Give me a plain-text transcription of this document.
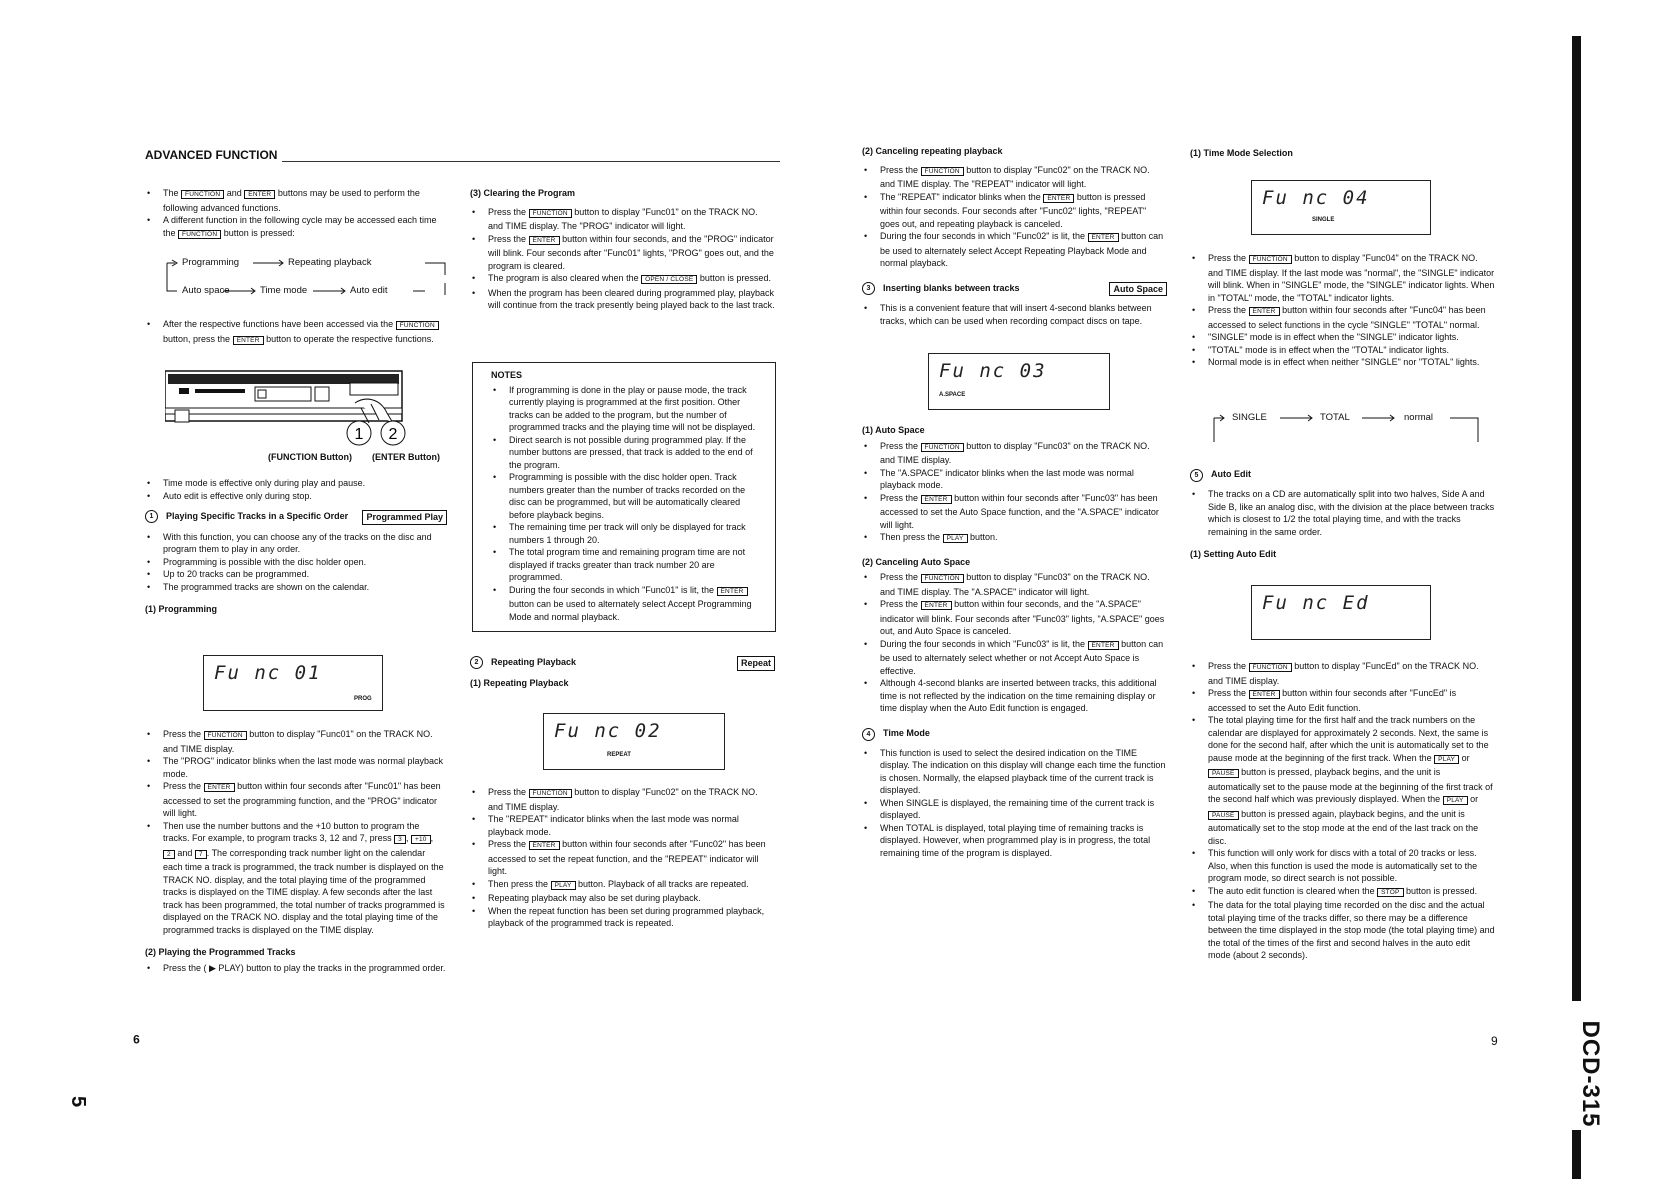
ADVANCED FUNCTION

• The FUNCTION and ENTER buttons may be used to perform the following advanced functions.

• A different function in the following cycle may be accessed each time the FUNCTION button is pressed:

Programming	Repeating playback
Auto space	Time mode	Auto edit

• After the respective functions have been accessed via the FUNCTION button, press the ENTER button to operate the respective functions.

1 2
(FUNCTION Button) (ENTER Button)

• Time mode is effective only during play and pause.

• Auto edit is effective only during stop.

1	Playing Specific Tracks in a Specific Order	Programmed Play

• With this function, you can choose any of the tracks on the disc and program them to play in any order.

• Programming is possible with the disc holder open.

• Up to 20 tracks can be programmed.

• The programmed tracks are shown on the calendar.

(1) Programming
Fu nc 01
PROG

• Press the FUNCTION button to display "Func01" on the TRACK NO. and TIME display.

• The "PROG" indicator blinks when the last mode was normal playback mode.

• Press the ENTER button within four seconds after "Func01" has been accessed to set the programming function, and the "PROG" indicator will light.

• Then use the number buttons and the +10 button to program the tracks. For example, to program tracks 3, 12 and 7, press 3 , +10 , 2 and 7 . The corresponding track number light on the calendar each time a track is programmed, the track number is displayed on the TRACK NO. display, and the total playing time of the programmed tracks is displayed on the TIME display. A few seconds after the last track has been programmed, the total number of tracks programmed is displayed on the TRACK NO. display and the total playing time of the programmed tracks is displayed on the TIME display.

(2) Playing the Programmed Tracks

• Press the ( ▶ PLAY) button to play the tracks in the programmed order.

(3) Clearing the Program

• Press the FUNCTION button to display "Func01" on the TRACK NO. and TIME display. The "PROG" indicator will light.

• Press the ENTER button within four seconds, and the "PROG" indicator will blink. Four seconds after "Func01" lights, "PROG" goes out, and the program is cleared.

• The program is also cleared when the OPEN / CLOSE button is pressed.

• When the program has been cleared during programmed play, playback will continue from the track presently being played back to the last track.

NOTES

• If programming is done in the play or pause mode, the track currently playing is programmed at the first position. Other tracks can be added to the program, but the number of programmed tracks and the playing time will not be displayed.

• Direct search is not possible during programmed play. If the number buttons are pressed, that track is added to the end of the program.

• Programming is possible with the disc holder open. Track numbers greater than the number of tracks recorded on the disc can be programmed, but will be automatically cleared before playback begins.

• The remaining time per track will only be displayed for track numbers 1 through 20.

• The total program time and remaining program time are not displayed if tracks greater than track number 20 are programmed.

• During the four seconds in which "Func01" is lit, the ENTER button can be used to alternately select Accept Programming Mode and normal playback.

2	Repeating Playback	Repeat
(1) Repeating Playback
Fu nc 02
REPEAT

• Press the FUNCTION button to display "Func02" on the TRACK NO. and TIME display.

• The "REPEAT" indicator blinks when the last mode was normal playback mode.

• Press the ENTER button within four seconds after "Func02" has been accessed to set the repeat function, and the "REPEAT" indicator will light.

• Then press the PLAY button. Playback of all tracks are repeated.

• Repeating playback may also be set during playback.

• When the repeat function has been set during programmed playback, playback of the programmed track is repeated.

(2) Canceling repeating playback

• Press the FUNCTION button to display "Func02" on the TRACK NO. and TIME display. The "REPEAT" indicator will light.

• The "REPEAT" indicator blinks when the ENTER button is pressed within four seconds. Four seconds after "Func02" lights, "REPEAT" goes out, and repeating playback is canceled.

• During the four seconds in which "Func02" is lit, the ENTER button can be used to alternately select Accept Repeating Playback Mode and normal playback.

3	Inserting blanks between tracks	Auto Space

• This is a convenient feature that will insert 4-second blanks between tracks, which can be used when recording compact discs on tape.

Fu nc 03
A.SPACE
(1) Auto Space

• Press the FUNCTION button to display "Func03" on the TRACK NO. and TIME display.

• The "A.SPACE" indicator blinks when the last mode was normal playback mode.

• Press the ENTER button within four seconds after "Func03" has been accessed to set the Auto Space function, and the "A.SPACE" indicator will light.

• Then press the PLAY button.

(2) Canceling Auto Space

• Press the FUNCTION button to display "Func03" on the TRACK NO. and TIME display. The "A.SPACE" indicator will light.

• Press the ENTER button within four seconds, and the "A.SPACE" indicator will blink. Four seconds after "Func03" lights, "A.SPACE" goes out, and Auto Space is canceled.

• During the four seconds in which "Func03" is lit, the ENTER button can be used to alternately select whether or not Accept Auto Space is effective.

• Although 4-second blanks are inserted between tracks, this additional time is not reflected by the indication on the time remaining display or time display when the Auto Edit function is engaged.

4 Time Mode

• This function is used to select the desired indication on the TIME display. The indication on this display will change each time the function is chosen. Normally, the elapsed playback time of the current track is displayed.

• When SINGLE is displayed, the remaining time of the current track is displayed.

• When TOTAL is displayed, total playing time of remaining tracks is displayed. However, when programmed play is in progress, the total remaining time of the program is displayed.

(1) Time Mode Selection
Fu nc 04
SINGLE

• Press the FUNCTION button to display "Func04" on the TRACK NO. and TIME display. If the last mode was "normal", the "SINGLE" indicator will blink. When in "SINGLE" mode, the "SINGLE" indicator lights. When in "TOTAL" mode, the "TOTAL" indicator lights.

• Press the ENTER button within four seconds after "Func04" has been accessed to select functions in the cycle "SINGLE" "TOTAL" normal.

• "SINGLE" mode is in effect when the "SINGLE" indicator lights.

• "TOTAL" mode is in effect when the "TOTAL" indicator lights.

• Normal mode is in effect when neither "SINGLE" nor "TOTAL" lights.

SINGLE	TOTAL	normal
5 Auto Edit

• The tracks on a CD are automatically split into two halves, Side A and Side B, like an analog disc, with the division at the place between tracks which is closest to 1/2 the total playing time, and with the tracks remaining in the same order.

(1) Setting Auto Edit
Fu nc Ed

• Press the FUNCTION button to display "FuncEd" on the TRACK NO. and TIME display.

• Press the ENTER button within four seconds after "FuncEd" is accessed to set the Auto Edit function.

• The total playing time for the first half and the track numbers on the calendar are displayed for approximately 2 seconds. Next, the same is done for the second half, after which the unit is automatically set to the pause mode at the beginning of the first track. When the PLAY or PAUSE button is pressed, playback begins, and the unit is automatically set to the pause mode at the beginning of the first track of the second half which was previously displayed. When the PLAY or PAUSE button is pressed again, playback begins, and the unit is automatically set to the stop mode at the end of the last track on the disc.

• This function will only work for discs with a total of 20 tracks or less. Also, when this function is used the mode is automatically set to the program mode, so direct search is not possible.

• The auto edit function is cleared when the STOP button is pressed.

• The data for the total playing time recorded on the disc and the actual total playing time of the tracks differ, so there may be a difference between the time displayed in the stop mode (the total playing time) and the total of the times of the first and second halves in the auto edit mode (about 2 seconds).

9	9
5	DCD-315
